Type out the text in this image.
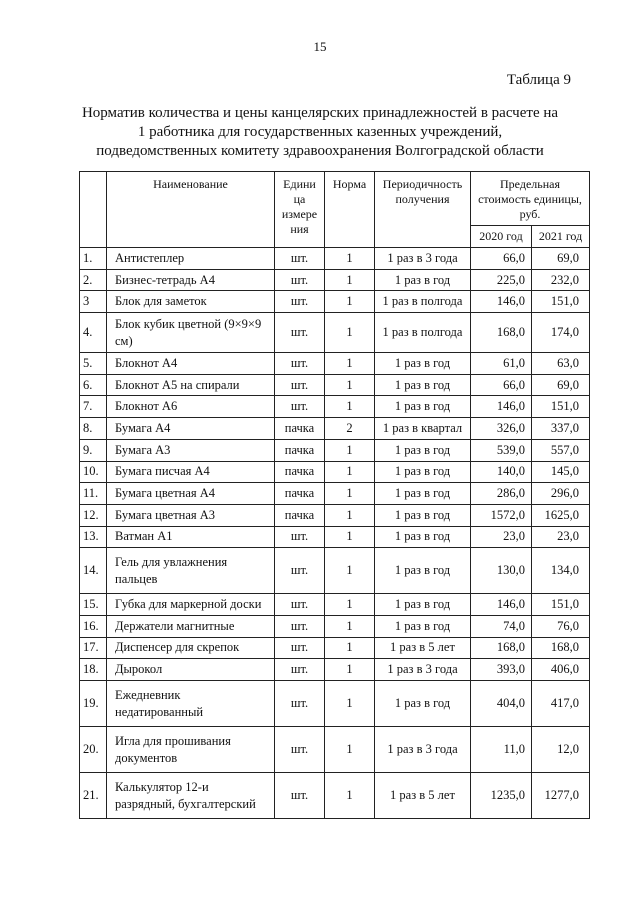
15
Таблица 9
Норматив количества и цены канцелярских принадлежностей в расчете на
1 работника для государственных казенных учреждений,
подведомственных комитету здравоохранения Волгоградской области
	Наименование	Едини ца измере ния	Норма	Периодичность получения	Предельная стоимость единицы, руб.	
					2020 год	2021 год
1.	Антистеплер	шт.	1	1 раз в 3 года	66,0	69,0
2.	Бизнес-тетрадь А4	шт.	1	1 раз в год	225,0	232,0
3	Блок для заметок	шт.	1	1 раз в полгода	146,0	151,0
4.	Блок кубик цветной (9×9×9 см)	шт.	1	1 раз в полгода	168,0	174,0
5.	Блокнот А4	шт.	1	1 раз в год	61,0	63,0
6.	Блокнот А5 на спирали	шт.	1	1 раз в год	66,0	69,0
7.	Блокнот А6	шт.	1	1 раз в год	146,0	151,0
8.	Бумага А4	пачка	2	1 раз в квартал	326,0	337,0
9.	Бумага А3	пачка	1	1 раз в год	539,0	557,0
10.	Бумага писчая А4	пачка	1	1 раз в год	140,0	145,0
11.	Бумага цветная А4	пачка	1	1 раз в год	286,0	296,0
12.	Бумага цветная А3	пачка	1	1 раз в год	1572,0	1625,0
13.	Ватман А1	шт.	1	1 раз в год	23,0	23,0
14.	Гель для увлажнения пальцев	шт.	1	1 раз в год	130,0	134,0
15.	Губка для маркерной доски	шт.	1	1 раз в год	146,0	151,0
16.	Держатели магнитные	шт.	1	1 раз в год	74,0	76,0
17.	Диспенсер для скрепок	шт.	1	1 раз в 5 лет	168,0	168,0
18.	Дырокол	шт.	1	1 раз в 3 года	393,0	406,0
19.	Ежедневник недатированный	шт.	1	1 раз в год	404,0	417,0
20.	Игла для прошивания документов	шт.	1	1 раз в 3 года	11,0	12,0
21.	Калькулятор 12-и разрядный, бухгалтерский	шт.	1	1 раз в 5 лет	1235,0	1277,0
